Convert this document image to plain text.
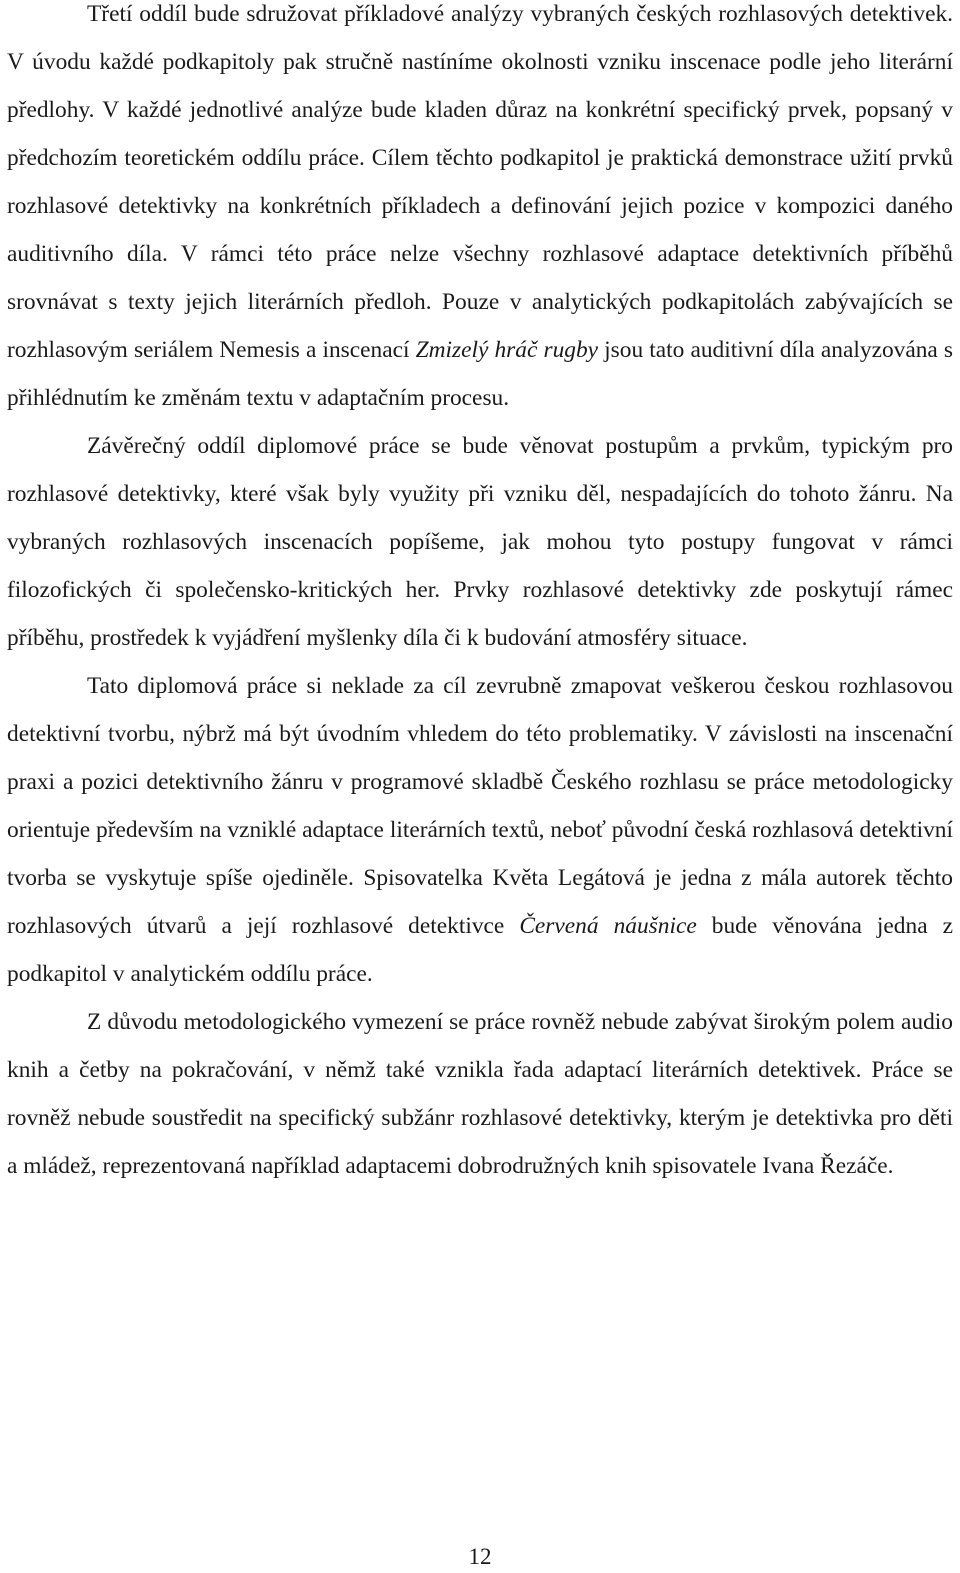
Třetí oddíl bude sdružovat příkladové analýzy vybraných českých rozhlasových detektivek. V úvodu každé podkapitoly pak stručně nastíníme okolnosti vzniku inscenace podle jeho literární předlohy. V každé jednotlivé analýze bude kladen důraz na konkrétní specifický prvek, popsaný v předchozím teoretickém oddílu práce. Cílem těchto podkapitol je praktická demonstrace užití prvků rozhlasové detektivky na konkrétních příkladech a definování jejich pozice v kompozici daného auditivního díla. V rámci této práce nelze všechny rozhlasové adaptace detektivních příběhů srovnávat s texty jejich literárních předloh. Pouze v analytických podkapitolách zabývajících se rozhlasovým seriálem Nemesis a inscenací Zmizelý hráč rugby jsou tato auditivní díla analyzována s přihlédnutím ke změnám textu v adaptačním procesu.

Závěrečný oddíl diplomové práce se bude věnovat postupům a prvkům, typickým pro rozhlasové detektivky, které však byly využity při vzniku děl, nespadajících do tohoto žánru. Na vybraných rozhlasových inscenacích popíšeme, jak mohou tyto postupy fungovat v rámci filozofických či společensko-kritických her. Prvky rozhlasové detektivky zde poskytují rámec příběhu, prostředek k vyjádření myšlenky díla či k budování atmosféry situace.

Tato diplomová práce si neklade za cíl zevrubně zmapovat veškerou českou rozhlasovou detektivní tvorbu, nýbrž má být úvodním vhledem do této problematiky. V závislosti na inscenační praxi a pozici detektivního žánru v programové skladbě Českého rozhlasu se práce metodologicky orientuje především na vzniklé adaptace literárních textů, neboť původní česká rozhlasová detektivní tvorba se vyskytuje spíše ojediněle. Spisovatelka Květa Legátová je jedna z mála autorek těchto rozhlasových útvarů a její rozhlasové detektivce Červená náušnice bude věnována jedna z podkapitol v analytickém oddílu práce.

Z důvodu metodologického vymezení se práce rovněž nebude zabývat širokým polem audio knih a četby na pokračování, v němž také vznikla řada adaptací literárních detektivek. Práce se rovněž nebude soustředit na specifický subžánr rozhlasové detektivky, kterým je detektivka pro děti a mládež, reprezentovaná například adaptacemi dobrodružných knih spisovatele Ivana Řezáče.

12
